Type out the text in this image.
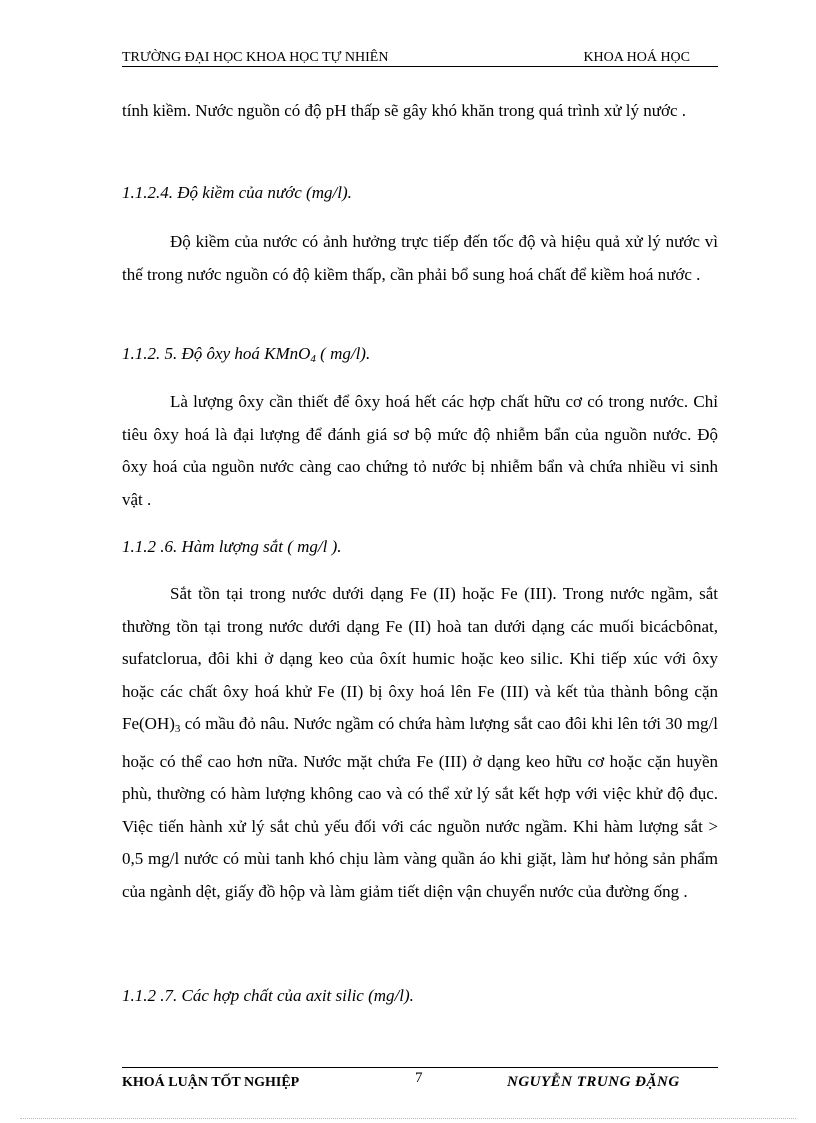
TRƯỜNG ĐẠI HỌC KHOA HỌC TỰ NHIÊN	KHOA HOÁ HỌC

tính kiềm. Nước nguồn có độ pH thấp sẽ gây khó khăn trong quá trình xử lý nước .

1.1.2.4. Độ kiềm của nước (mg/l).

Độ kiềm của nước có ảnh hưởng trực tiếp đến tốc độ và hiệu quả xử lý nước vì thế trong nước nguồn có độ kiềm thấp, cần phải bổ sung hoá chất để kiềm hoá nước .

1.1.2. 5. Độ ôxy hoá KMnO$_4$ ( mg/l).

Là lượng ôxy cần thiết để ôxy hoá hết các hợp chất hữu cơ có trong nước. Chỉ tiêu ôxy hoá là đại lượng để đánh giá sơ bộ mức độ nhiễm bẩn của nguồn nước. Độ ôxy hoá của nguồn nước càng cao chứng tỏ nước bị nhiễm bẩn và chứa nhiều vi sinh vật .

1.1.2 .6. Hàm lượng sắt ( mg/l ).

Sắt tồn tại trong nước dưới dạng Fe (II) hoặc Fe (III). Trong nước ngầm, sắt thường tồn tại trong nước dưới dạng Fe (II) hoà tan dưới dạng các muối bicácbônat, sufatclorua, đôi khi ở dạng keo của ôxít humic hoặc keo silic. Khi tiếp xúc với ôxy hoặc các chất ôxy hoá khử Fe (II) bị ôxy hoá lên Fe (III) và kết tủa thành bông cặn $Fe(OH)_3$ có mầu đỏ nâu. Nước ngầm có chứa hàm lượng sắt cao đôi khi lên tới 30 mg/l hoặc có thể cao hơn nữa. Nước mặt chứa Fe (III) ở dạng keo hữu cơ hoặc cặn huyền phù, thường có hàm lượng không cao và có thể xử lý sắt kết hợp với việc khử độ đục. Việc tiến hành xử lý sắt chủ yếu đối với các nguồn nước ngầm. Khi hàm lượng sắt > 0,5 mg/l nước có mùi tanh khó chịu làm vàng quần áo khi giặt, làm hư hỏng sản phẩm của ngành dệt, giấy đồ hộp và làm giảm tiết diện vận chuyển nước của đường ống .

1.1.2 .7. Các hợp chất của axit silic (mg/l).
KHOÁ LUẬN TỐT NGHIỆP	7	NGUYỄN TRUNG ĐẶNG
